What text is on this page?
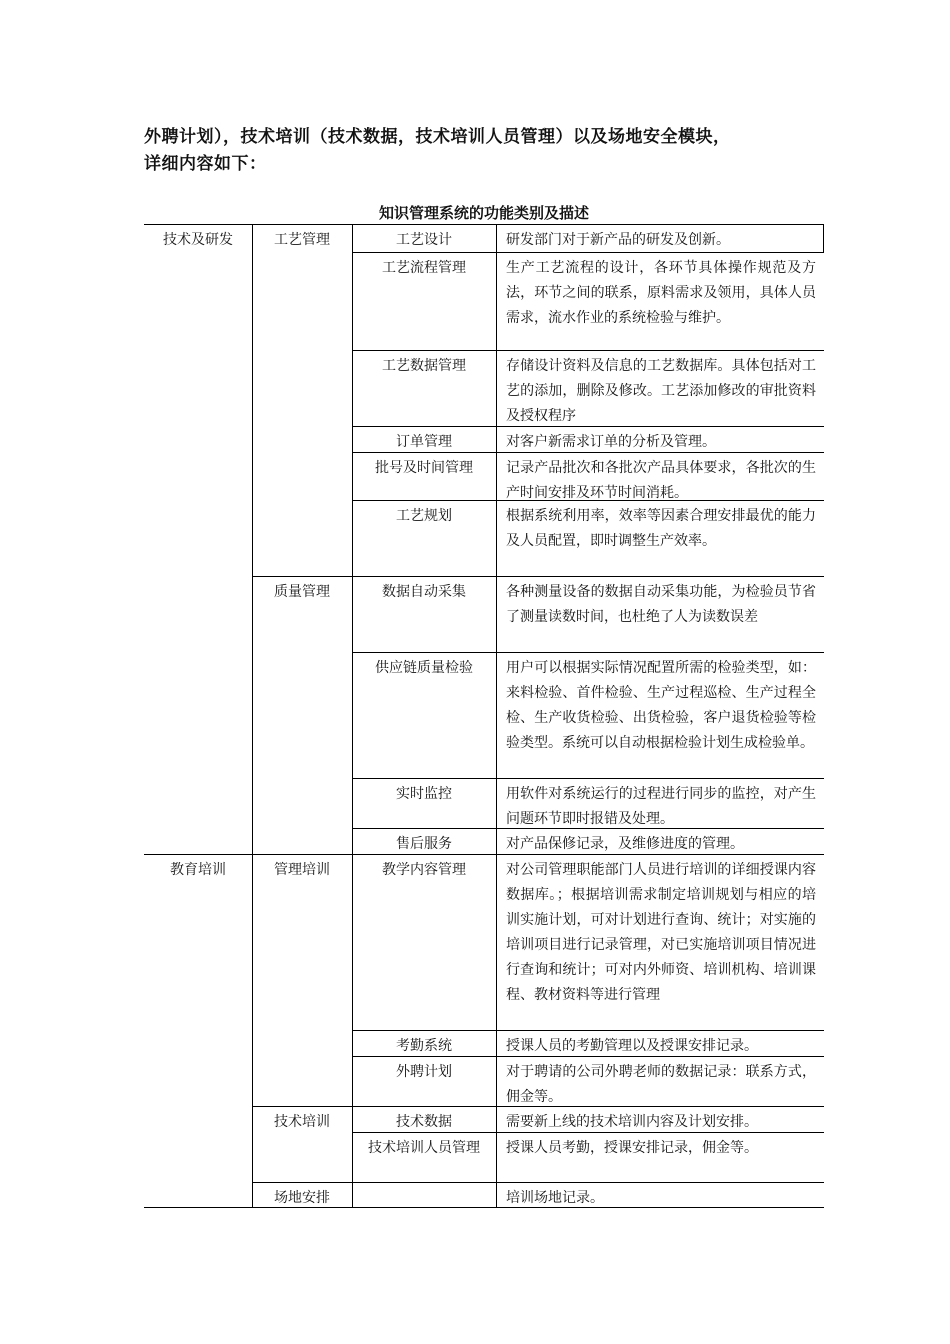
外聘计划），技术培训（技术数据，技术培训人员管理）以及场地安全模块，

详细内容如下：

知识管理系统的功能类别及描述
技术及研发
教育培训
工艺管理
质量管理
管理培训
技术培训
场地安排
工艺设计
工艺流程管理
工艺数据管理
订单管理
批号及时间管理
工艺规划
数据自动采集
供应链质量检验
实时监控
售后服务
教学内容管理
考勤系统
外聘计划
技术数据
技术培训人员管理
研发部门对于新产品的研发及创新。
生产工艺流程的设计，各环节具体操作规范及方法，环节之间的联系，原料需求及领用，具体人员需求，流水作业的系统检验与维护。
存储设计资料及信息的工艺数据库。具体包括对工艺的添加，删除及修改。工艺添加修改的审批资料及授权程序
对客户新需求订单的分析及管理。
记录产品批次和各批次产品具体要求，各批次的生产时间安排及环节时间消耗。
根据系统利用率，效率等因素合理安排最优的能力及人员配置，即时调整生产效率。
各种测量设备的数据自动采集功能，为检验员节省了测量读数时间，也杜绝了人为读数误差
用户可以根据实际情况配置所需的检验类型，如：来料检验、首件检验、生产过程巡检、生产过程全检、生产收货检验、出货检验，客户退货检验等检验类型。系统可以自动根据检验计划生成检验单。
用软件对系统运行的过程进行同步的监控，对产生问题环节即时报错及处理。
对产品保修记录，及维修进度的管理。
对公司管理职能部门人员进行培训的详细授课内容数据库。；根据培训需求制定培训规划与相应的培训实施计划，可对计划进行查询、统计；对实施的培训项目进行记录管理，对已实施培训项目情况进行查询和统计；可对内外师资、培训机构、培训课程、教材资料等进行管理
授课人员的考勤管理以及授课安排记录。
对于聘请的公司外聘老师的数据记录：联系方式，佣金等。
需要新上线的技术培训内容及计划安排。
授课人员考勤，授课安排记录，佣金等。
培训场地记录。
